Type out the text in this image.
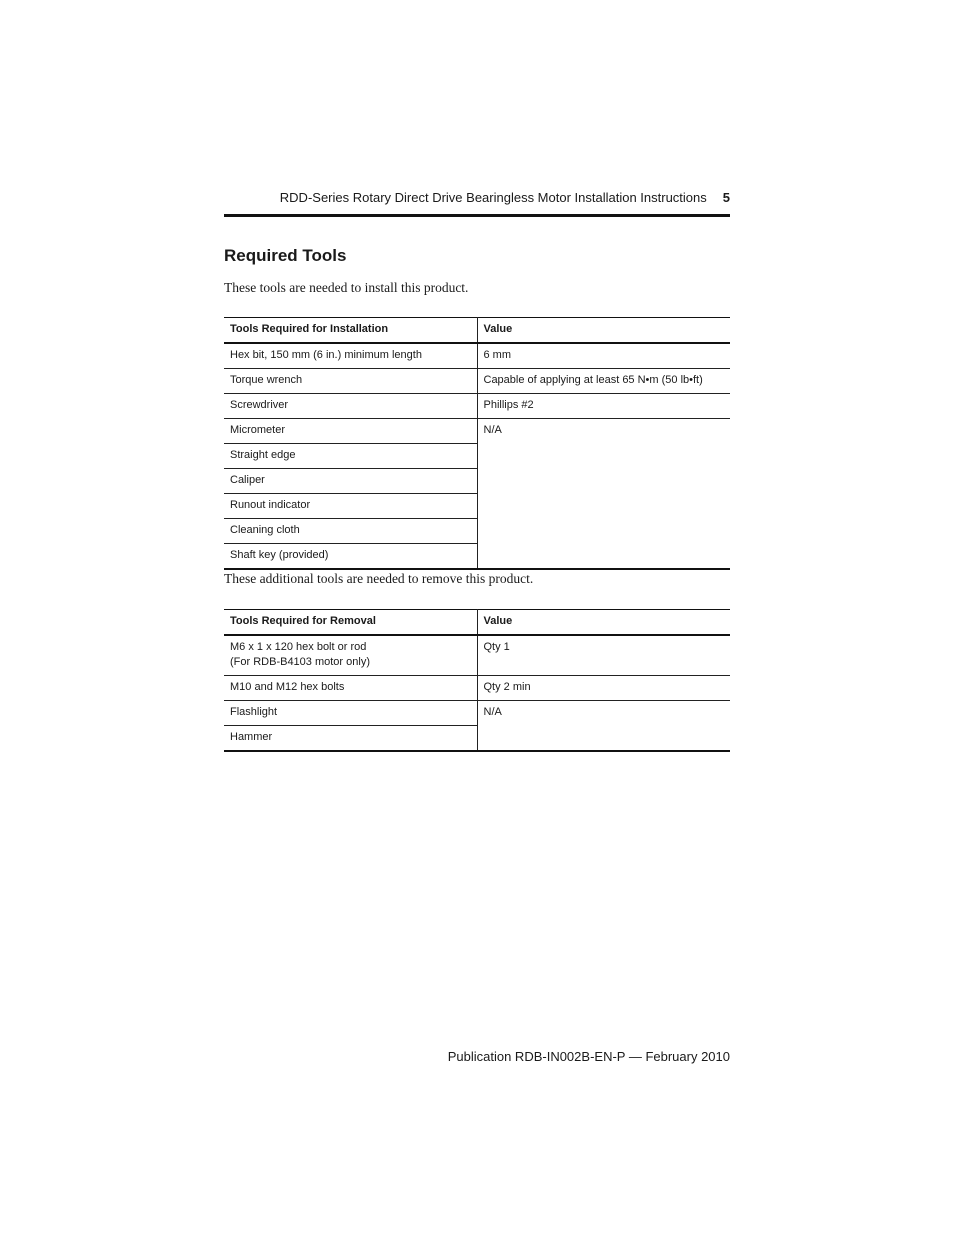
RDD-Series Rotary Direct Drive Bearingless Motor Installation Instructions 5
Required Tools

These tools are needed to install this product.

Tools Required for Installation	Value
Hex bit, 150 mm (6 in.) minimum length	6 mm
Torque wrench	Capable of applying at least 65 N•m (50 lb•ft)
Screwdriver	Phillips #2
Micrometer	N/A
Straight edge	
Caliper	
Runout indicator	
Cleaning cloth	
Shaft key (provided)	

These additional tools are needed to remove this product.

Tools Required for Removal	Value

M6 x 1 x 120 hex bolt or rod
(For RDB-B4103 motor only)	Qty 1
M10 and M12 hex bolts	Qty 2 min
Flashlight	N/A
Hammer	
Publication RDB-IN002B-EN-P — February 2010
